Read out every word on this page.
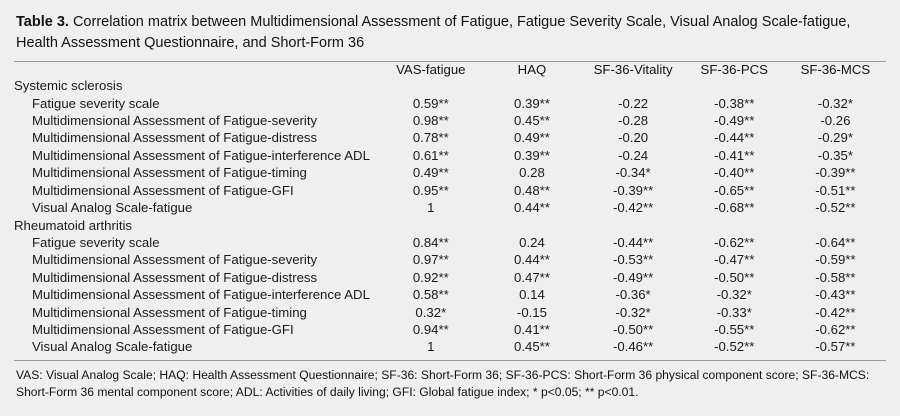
Table 3. Correlation matrix between Multidimensional Assessment of Fatigue, Fatigue Severity Scale, Visual Analog Scale-fatigue, Health Assessment Questionnaire, and Short-Form 36
	VAS-fatigue	HAQ	SF-36-Vitality	SF-36-PCS	SF-36-MCS
Systemic sclerosis					
Fatigue severity scale	0.59**	0.39**	-0.22	-0.38**	-0.32*
Multidimensional Assessment of Fatigue-severity	0.98**	0.45**	-0.28	-0.49**	-0.26
Multidimensional Assessment of Fatigue-distress	0.78**	0.49**	-0.20	-0.44**	-0.29*
Multidimensional Assessment of Fatigue-interference ADL	0.61**	0.39**	-0.24	-0.41**	-0.35*
Multidimensional Assessment of Fatigue-timing	0.49**	0.28	-0.34*	-0.40**	-0.39**
Multidimensional Assessment of Fatigue-GFI	0.95**	0.48**	-0.39**	-0.65**	-0.51**
Visual Analog Scale-fatigue	1	0.44**	-0.42**	-0.68**	-0.52**
Rheumatoid arthritis					
Fatigue severity scale	0.84**	0.24	-0.44**	-0.62**	-0.64**
Multidimensional Assessment of Fatigue-severity	0.97**	0.44**	-0.53**	-0.47**	-0.59**
Multidimensional Assessment of Fatigue-distress	0.92**	0.47**	-0.49**	-0.50**	-0.58**
Multidimensional Assessment of Fatigue-interference ADL	0.58**	0.14	-0.36*	-0.32*	-0.43**
Multidimensional Assessment of Fatigue-timing	0.32*	-0.15	-0.32*	-0.33*	-0.42**
Multidimensional Assessment of Fatigue-GFI	0.94**	0.41**	-0.50**	-0.55**	-0.62**
Visual Analog Scale-fatigue	1	0.45**	-0.46**	-0.52**	-0.57**
VAS: Visual Analog Scale; HAQ: Health Assessment Questionnaire; SF-36: Short-Form 36; SF-36-PCS: Short-Form 36 physical component score; SF-36-MCS: Short-Form 36 mental component score; ADL: Activities of daily living; GFI: Global fatigue index; * p<0.05; ** p<0.01.
